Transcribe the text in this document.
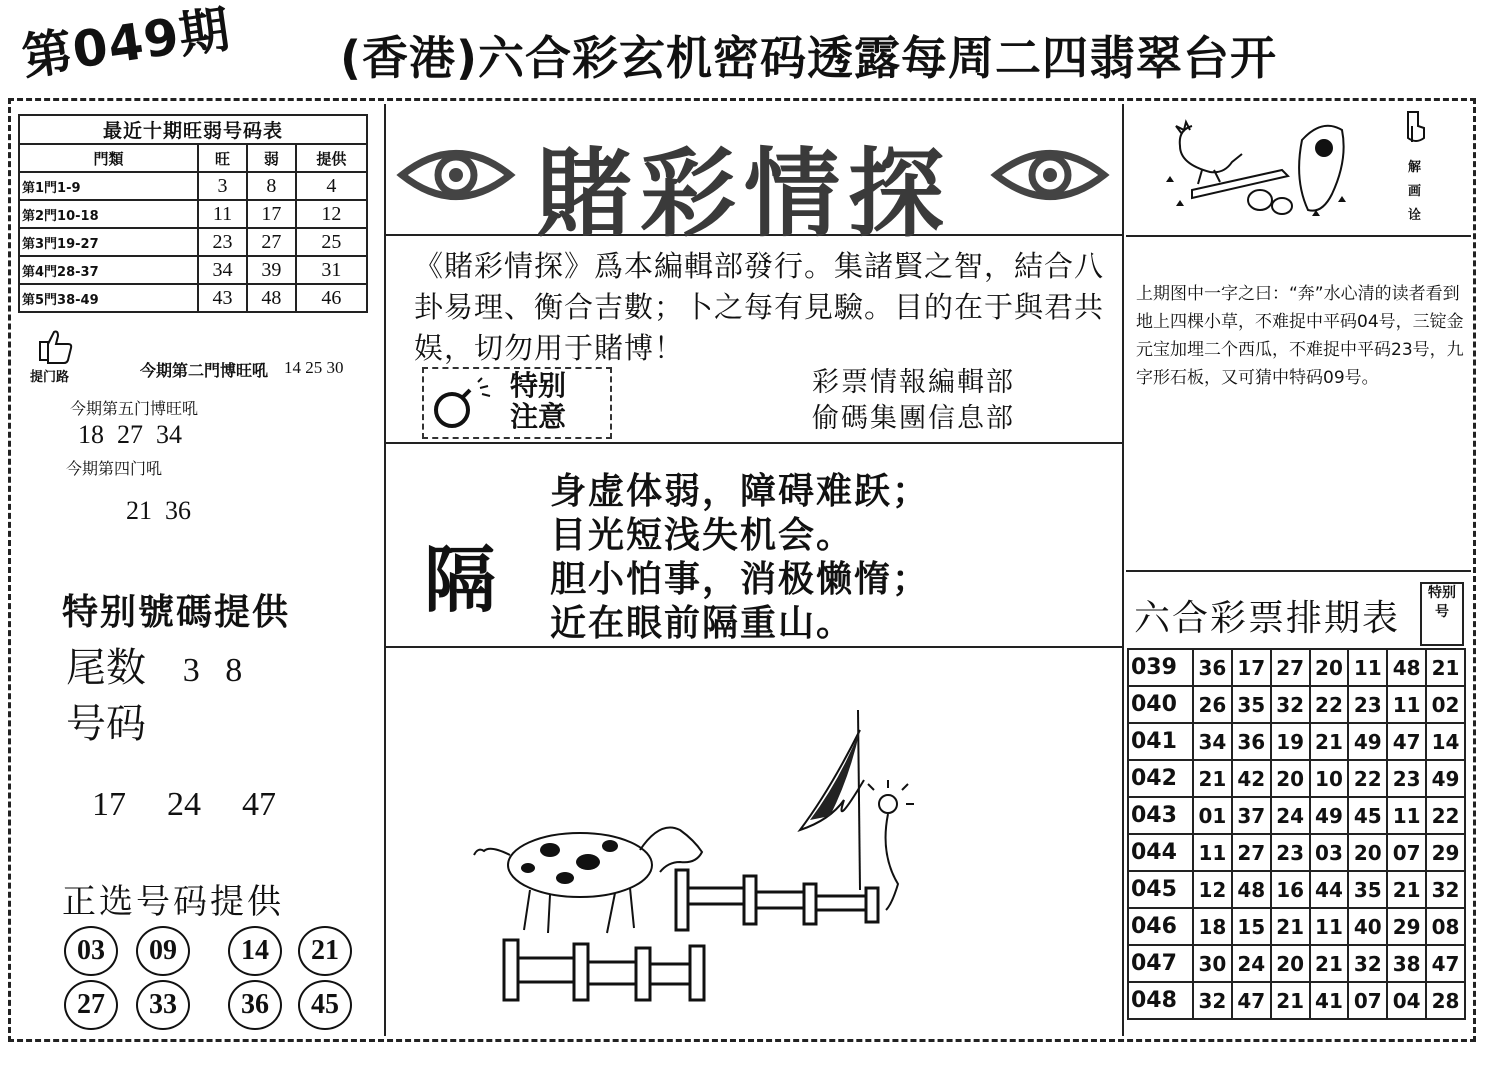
第049期 (香港)六合彩玄机密码透露每周二四翡翠台开
最近十期旺弱号码表			
門類	旺	弱	提供
第1門1-9	3	8	4
第2門10-18	11	17	12
第3門19-27	23	27	25
第4門28-37	34	39	31
第5門38-49	43	48	46
提门路	今期第二門博旺吼 14 25 30
今期第五门博旺吼
18  27  34
今期第四门吼
21  36
特别號碼提供
尾数 3   8
号码
17  24  47
正选号码提供
03	09	14	21
27	33	36	45
賭彩情探
《賭彩情探》爲本編輯部發行。集諸賢之智，結合八卦易理、衡合吉數；卜之每有見驗。目的在于與君共娱，切勿用于賭博！
特别
注意
彩票情報編輯部
偷碼集團信息部
隔
身虚体弱，障碍难跃；
目光短浅失机会。
胆小怕事，消极懒惰；
近在眼前隔重山。
解画诠
上期图中一字之曰：“奔”水心清的读者看到地上四棵小草，不难捉中平码04号，三锭金元宝加埋二个西瓜，不难捉中平码23号，九字形石板，又可猜中特码09号。
六合彩票排期表
特别号
039	36	17	27	20	11	48	21
040	26	35	32	22	23	11	02
041	34	36	19	21	49	47	14
042	21	42	20	10	22	23	49
043	01	37	24	49	45	11	22
044	11	27	23	03	20	07	29
045	12	48	16	44	35	21	32
046	18	15	21	11	40	29	08
047	30	24	20	21	32	38	47
048	32	47	21	41	07	04	28
